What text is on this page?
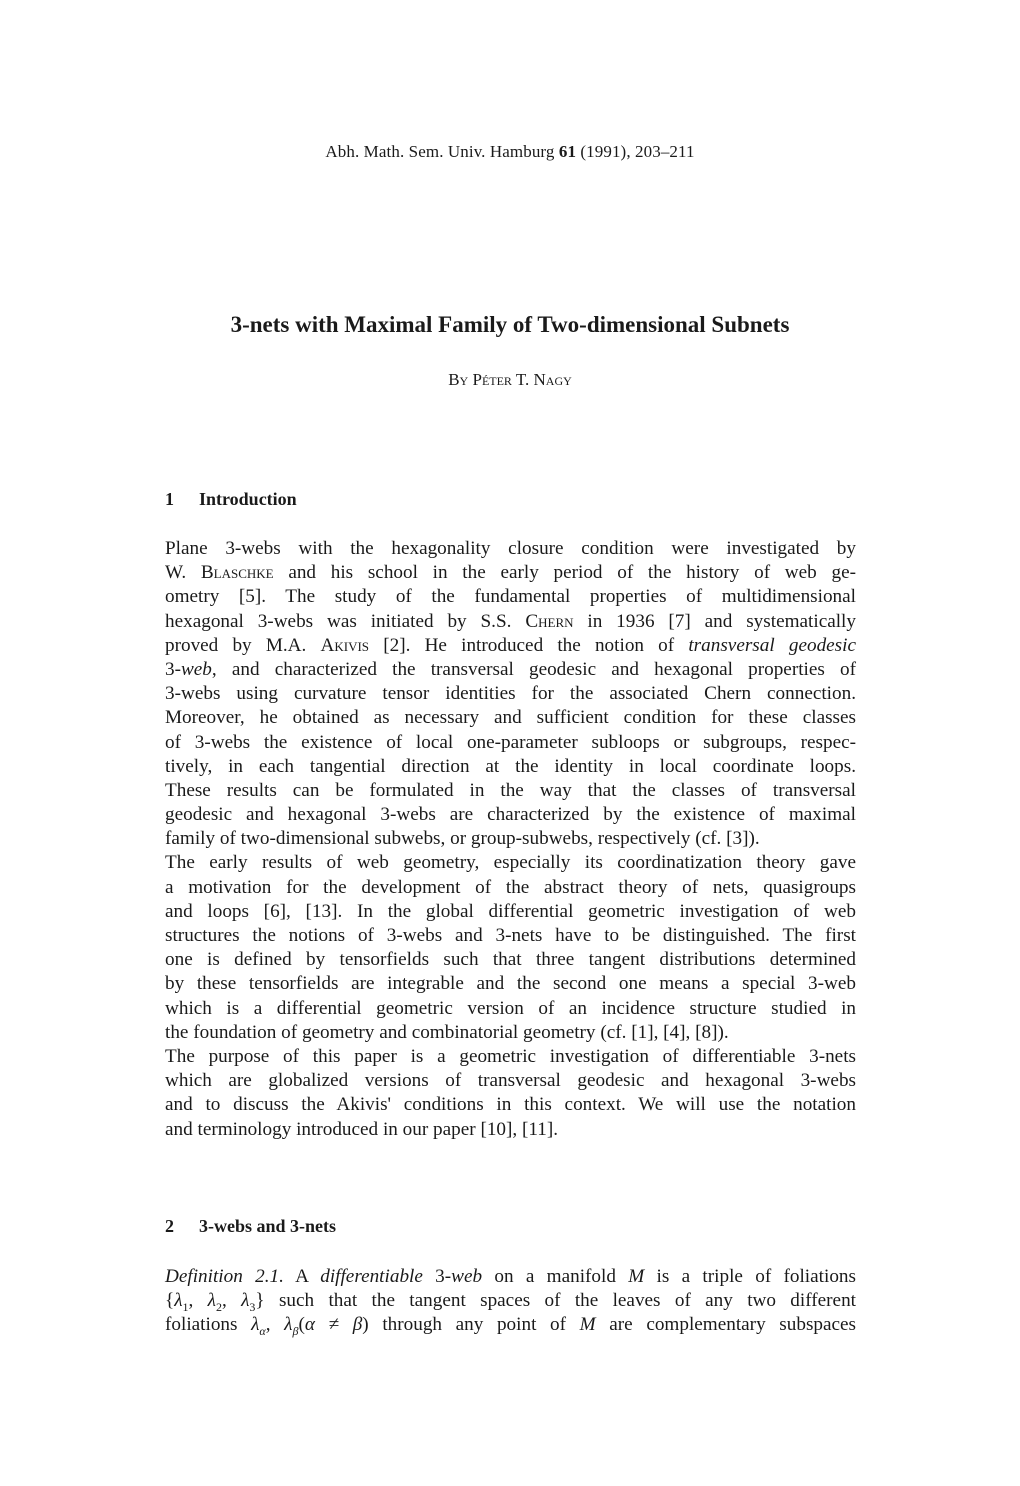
Abh. Math. Sem. Univ. Hamburg 61 (1991), 203–211
3-nets with Maximal Family of Two-dimensional Subnets
By Péter T. Nagy
1 Introduction
Plane 3-webs with the hexagonality closure condition were investigated by
W. Blaschke and his school in the early period of the history of web ge-
ometry [5]. The study of the fundamental properties of multidimensional
hexagonal 3-webs was initiated by S.S. Chern in 1936 [7] and systematically
proved by M.A. Akivis [2]. He introduced the notion of transversal geodesic
3-web, and characterized the transversal geodesic and hexagonal properties of
3-webs using curvature tensor identities for the associated Chern connection.
Moreover, he obtained as necessary and sufficient condition for these classes
of 3-webs the existence of local one-parameter subloops or subgroups, respec-
tively, in each tangential direction at the identity in local coordinate loops.
These results can be formulated in the way that the classes of transversal
geodesic and hexagonal 3-webs are characterized by the existence of maximal
family of two-dimensional subwebs, or group-subwebs, respectively (cf. [3]).
The early results of web geometry, especially its coordinatization theory gave
a motivation for the development of the abstract theory of nets, quasigroups
and loops [6], [13]. In the global differential geometric investigation of web
structures the notions of 3-webs and 3-nets have to be distinguished. The first
one is defined by tensorfields such that three tangent distributions determined
by these tensorfields are integrable and the second one means a special 3-web
which is a differential geometric version of an incidence structure studied in
the foundation of geometry and combinatorial geometry (cf. [1], [4], [8]).
The purpose of this paper is a geometric investigation of differentiable 3-nets
which are globalized versions of transversal geodesic and hexagonal 3-webs
and to discuss the Akivis' conditions in this context. We will use the notation
and terminology introduced in our paper [10], [11].
2 3-webs and 3-nets
Definition 2.1. A differentiable 3-web on a manifold M is a triple of foliations
{$\lambda_1$, $\lambda_2$, $\lambda_3$} such that the tangent spaces of the leaves of any two different
foliations $\lambda_\alpha$, $\lambda_\beta(\alpha \ne \beta)$ through any point of M are complementary subspaces
